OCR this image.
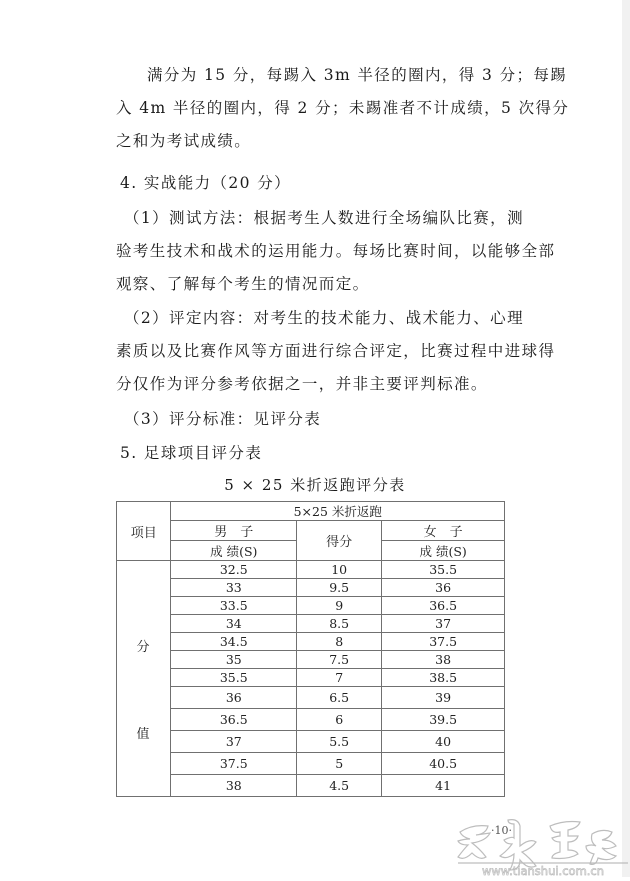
满分为 15 分，每踢入 3m 半径的圈内，得 3 分；每踢
入 4m 半径的圈内，得 2 分；未踢准者不计成绩，5 次得分
之和为考试成绩。
4. 实战能力（20 分）
（1）测试方法：根据考生人数进行全场编队比赛，测
验考生技术和战术的运用能力。每场比赛时间，以能够全部
观察、了解每个考生的情况而定。
（2）评定内容：对考生的技术能力、战术能力、心理
素质以及比赛作风等方面进行综合评定，比赛过程中进球得
分仅作为评分参考依据之一，并非主要评判标准。
（3）评分标准：见评分表
5. 足球项目评分表
5 × 25 米折返跑评分表
项目	5×25 米折返跑		
	男　子	得分	女　子
	成 绩(S)		成 绩(S)
	32.5	10	35.5
	33	9.5	36
	33.5	9	36.5
	34	8.5	37
	34.5	8	37.5
	35	7.5	38
	35.5	7	38.5
	36	6.5	39
	36.5	6	39.5
	37	5.5	40
	37.5	5	40.5
	38	4.5	41
分
值
·10·
www.tianshui.com.cn
